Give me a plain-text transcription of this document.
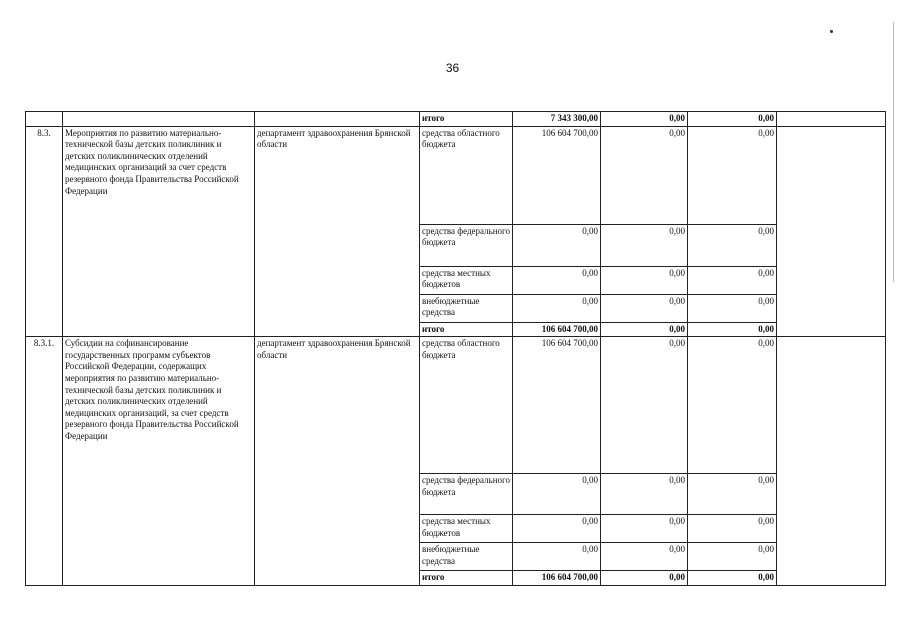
36
			итого	7 343 300,00	0,00	0,00	
8.3.	Мероприятия по развитию материально-технической базы детских поликлиник и детских поликлинических отделений медицинских организаций за счет средств резервного фонда Правительства Российской Федерации	департамент здравоохранения Брянской области	средства областного бюджета	106 604 700,00	0,00	0,00	
			средства федерального бюджета	0,00	0,00	0,00	
			средства местных бюджетов	0,00	0,00	0,00	
			внебюджетные средства	0,00	0,00	0,00	
			итого	106 604 700,00	0,00	0,00	
8.3.1.	Субсидии на софинансирование государственных программ субъектов Российской Федерации, содержащих мероприятия по развитию материально-технической базы детских поликлиник и детских поликлинических отделений медицинских организаций, за счет средств резервного фонда Правительства Российской Федерации	департамент здравоохранения Брянской области	средства областного бюджета	106 604 700,00	0,00	0,00	
			средства федерального бюджета	0,00	0,00	0,00	
			средства местных бюджетов	0,00	0,00	0,00	
			внебюджетные средства	0,00	0,00	0,00	
			итого	106 604 700,00	0,00	0,00	
